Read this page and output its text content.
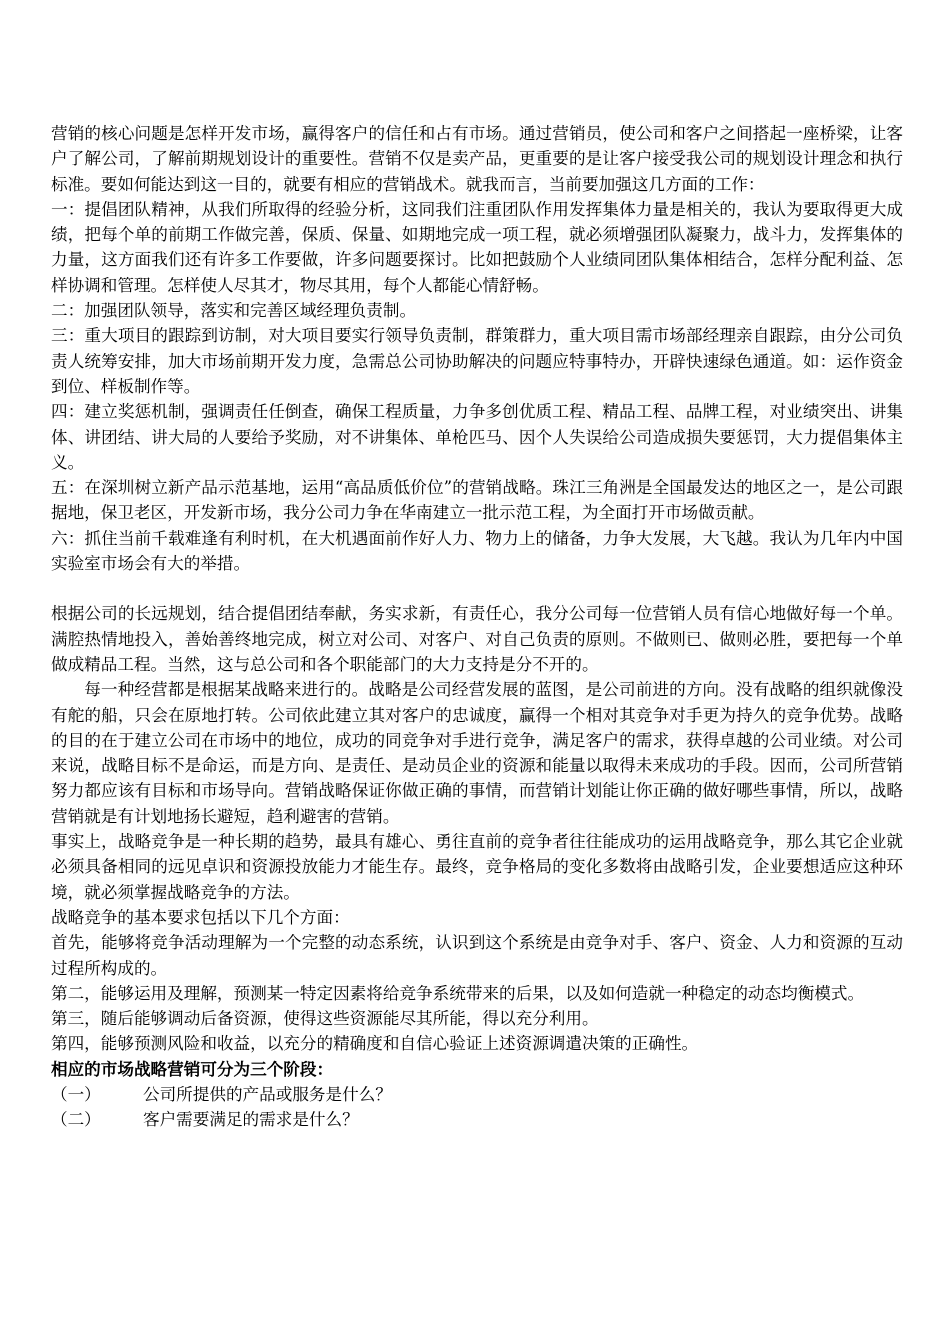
营销的核心问题是怎样开发市场，赢得客户的信任和占有市场。通过营销员，使公司和客户之间搭起一座桥梁，让客户了解公司，了解前期规划设计的重要性。营销不仅是卖产品，更重要的是让客户接受我公司的规划设计理念和执行标准。要如何能达到这一目的，就要有相应的营销战术。就我而言，当前要加强这几方面的工作：

一：提倡团队精神，从我们所取得的经验分析，这同我们注重团队作用发挥集体力量是相关的，我认为要取得更大成绩，把每个单的前期工作做完善，保质、保量、如期地完成一项工程，就必须增强团队凝聚力，战斗力，发挥集体的力量，这方面我们还有许多工作要做，许多问题要探讨。比如把鼓励个人业绩同团队集体相结合，怎样分配利益、怎样协调和管理。怎样使人尽其才，物尽其用，每个人都能心情舒畅。

二：加强团队领导，落实和完善区域经理负责制。

三：重大项目的跟踪到访制，对大项目要实行领导负责制，群策群力，重大项目需市场部经理亲自跟踪，由分公司负责人统筹安排，加大市场前期开发力度，急需总公司协助解决的问题应特事特办，开辟快速绿色通道。如：运作资金到位、样板制作等。

四：建立奖惩机制，强调责任任倒查，确保工程质量，力争多创优质工程、精品工程、品牌工程，对业绩突出、讲集体、讲团结、讲大局的人要给予奖励，对不讲集体、单枪匹马、因个人失误给公司造成损失要惩罚，大力提倡集体主义。

五：在深圳树立新产品示范基地，运用“高品质低价位”的营销战略。珠江三角洲是全国最发达的地区之一，是公司跟据地，保卫老区，开发新市场，我分公司力争在华南建立一批示范工程，为全面打开市场做贡献。

六：抓住当前千载难逢有利时机，在大机遇面前作好人力、物力上的储备，力争大发展，大飞越。我认为几年内中国实验室市场会有大的举措。

根据公司的长远规划，结合提倡团结奉献，务实求新，有责任心，我分公司每一位营销人员有信心地做好每一个单。满腔热情地投入，善始善终地完成，树立对公司、对客户、对自己负责的原则。不做则已、做则必胜，要把每一个单做成精品工程。当然，这与总公司和各个职能部门的大力支持是分不开的。

每一种经营都是根据某战略来进行的。战略是公司经营发展的蓝图，是公司前进的方向。没有战略的组织就像没有舵的船，只会在原地打转。公司依此建立其对客户的忠诚度，赢得一个相对其竞争对手更为持久的竞争优势。战略的目的在于建立公司在市场中的地位，成功的同竞争对手进行竞争，满足客户的需求，获得卓越的公司业绩。对公司来说，战略目标不是命运，而是方向、是责任、是动员企业的资源和能量以取得未来成功的手段。因而，公司所营销努力都应该有目标和市场导向。营销战略保证你做正确的事情，而营销计划能让你正确的做好哪些事情，所以，战略营销就是有计划地扬长避短，趋利避害的营销。

事实上，战略竞争是一种长期的趋势，最具有雄心、勇往直前的竞争者往往能成功的运用战略竞争，那么其它企业就必须具备相同的远见卓识和资源投放能力才能生存。最终，竞争格局的变化多数将由战略引发，企业要想适应这种环境，就必须掌握战略竞争的方法。

战略竞争的基本要求包括以下几个方面：

首先，能够将竞争活动理解为一个完整的动态系统，认识到这个系统是由竞争对手、客户、资金、人力和资源的互动过程所构成的。

第二，能够运用及理解，预测某一特定因素将给竞争系统带来的后果，以及如何造就一种稳定的动态均衡模式。

第三，随后能够调动后备资源，使得这些资源能尽其所能，得以充分利用。

第四，能够预测风险和收益，以充分的精确度和自信心验证上述资源调遣决策的正确性。

相应的市场战略营销可分为三个阶段：

（一）	公司所提供的产品或服务是什么？
（二）	客户需要满足的需求是什么？
